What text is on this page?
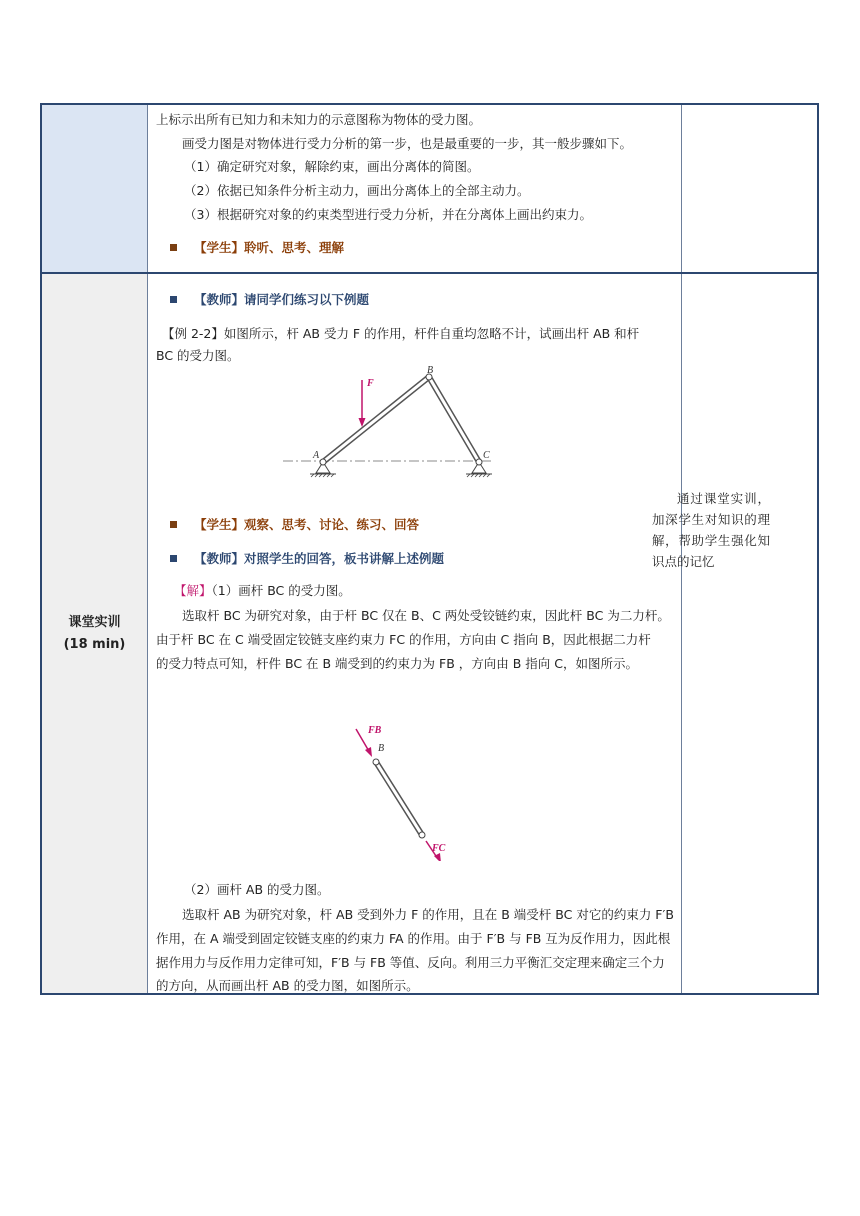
上标示出所有已知力和未知力的示意图称为物体的受力图。
画受力图是对物体进行受力分析的第一步，也是最重要的一步，其一般步骤如下。
（1）确定研究对象，解除约束，画出分离体的简图。
（2）依据已知条件分析主动力，画出分离体上的全部主动力。
（3）根据研究对象的约束类型进行受力分析，并在分离体上画出约束力。
【学生】聆听、思考、理解
课堂实训
(18 min)
【教师】请同学们练习以下例题
【例 2-2】如图所示，杆 AB 受力 F 的作用，杆件自重均忽略不计，试画出杆 AB 和杆
BC 的受力图。
F
B
A	C
【学生】观察、思考、讨论、练习、回答
【教师】对照学生的回答，板书讲解上述例题
【解】（1）画杆 BC 的受力图。
选取杆 BC 为研究对象，由于杆 BC 仅在 B、C 两处受铰链约束，因此杆 BC 为二力杆。
由于杆 BC 在 C 端受固定铰链支座约束力 FC 的作用，方向由 C 指向 B，因此根据二力杆
的受力特点可知，杆件 BC 在 B 端受到的约束力为 FB ，方向由 B 指向 C，如图所示。
FB
B
FC
（2）画杆 AB 的受力图。
选取杆 AB 为研究对象，杆 AB 受到外力 F 的作用，且在 B 端受杆 BC 对它的约束力 F′B
作用，在 A 端受到固定铰链支座的约束力 FA 的作用。由于 F′B 与 FB 互为反作用力，因此根
据作用力与反作用力定律可知，F′B 与 FB 等值、反向。利用三力平衡汇交定理来确定三个力
的方向，从而画出杆 AB 的受力图，如图所示。
通过课堂实训，加深学生对知识的理解，帮助学生强化知识点的记忆
